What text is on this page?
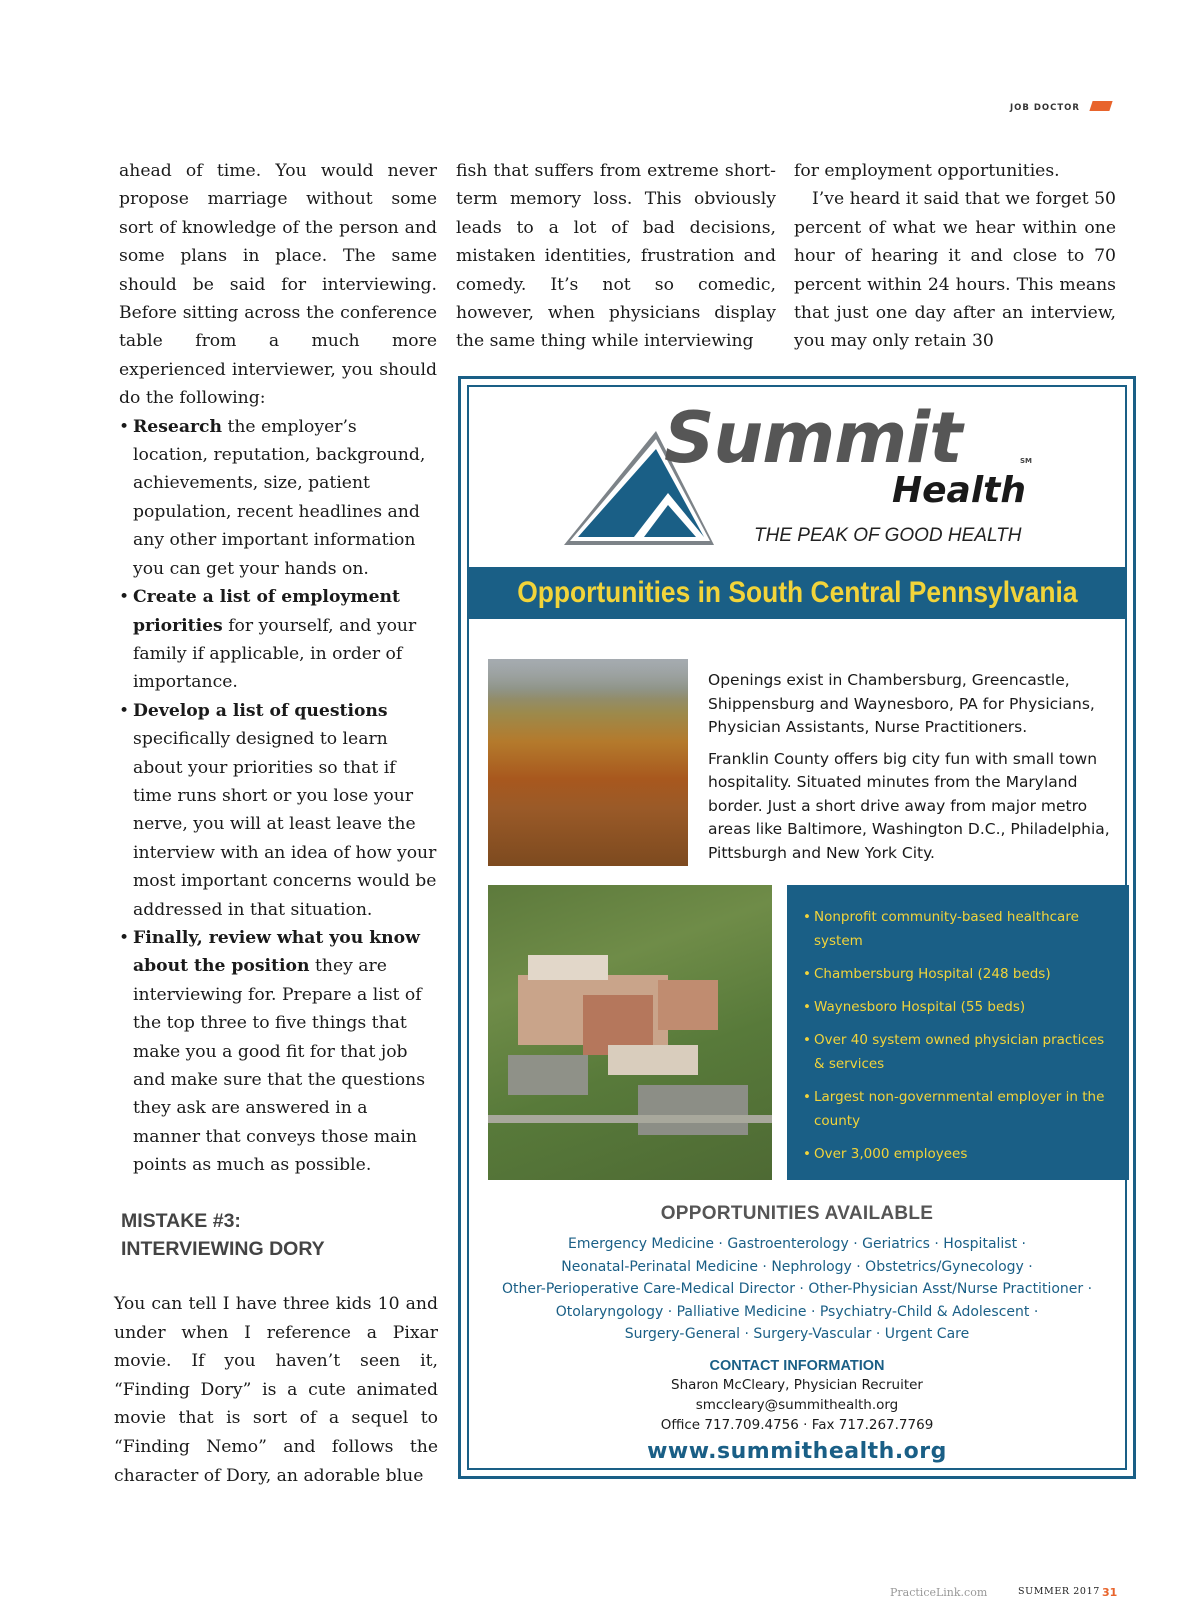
JOB DOCTOR

ahead of time. You would never propose marriage without some sort of knowledge of the person and some plans in place. The same should be said for interviewing. Before sitting across the conference table from a much more experienced interviewer, you should do the following:

• Research the employer’s location, reputation, background, achievements, size, patient population, recent headlines and any other important information you can get your hands on.
• Create a list of employment priorities for yourself, and your family if applicable, in order of importance.
• Develop a list of questions specifically designed to learn about your priorities so that if time runs short or you lose your nerve, you will at least leave the interview with an idea of how your most important concerns would be addressed in that situation.
• Finally, review what you know about the position they are interviewing for. Prepare a list of the top three to five things that make you a good fit for that job and make sure that the questions they ask are answered in a manner that conveys those main points as much as possible.
MISTAKE #3:
INTERVIEWING DORY
You can tell I have three kids 10 and under when I reference a Pixar movie. If you haven’t seen it, “Finding Dory” is a cute animated movie that is sort of a sequel to “Finding Nemo” and follows the character of Dory, an adorable blue

fish that suffers from extreme short-term memory loss. This obviously leads to a lot of bad decisions, mistaken identities, frustration and comedy. It’s not so comedic, however, when physicians display the same thing while interviewing

for employment opportunities.

I’ve heard it said that we forget 50 percent of what we hear within one hour of hearing it and close to 70 percent within 24 hours. This means that just one day after an interview, you may only retain 30

Summit	SM
Health
THE PEAK OF GOOD HEALTH
Opportunities in South Central Pennsylvania

Openings exist in Chambersburg, Greencastle, Shippensburg and Waynesboro, PA for Physicians, Physician Assistants, Nurse Practitioners.

Franklin County offers big city fun with small town hospitality. Situated minutes from the Maryland border. Just a short drive away from major metro areas like Baltimore, Washington D.C., Philadelphia, Pittsburgh and New York City.

• Nonprofit community-based healthcare system
• Chambersburg Hospital (248 beds)
• Waynesboro Hospital (55 beds)
• Over 40 system owned physician practices & services
• Largest non-governmental employer in the county
• Over 3,000 employees
OPPORTUNITIES AVAILABLE
Emergency Medicine · Gastroenterology · Geriatrics · Hospitalist ·
Neonatal-Perinatal Medicine · Nephrology · Obstetrics/Gynecology ·
Other-Perioperative Care-Medical Director · Other-Physician Asst/Nurse Practitioner ·
Otolaryngology · Palliative Medicine · Psychiatry-Child & Adolescent ·
Surgery-General · Surgery-Vascular · Urgent Care
CONTACT INFORMATION
Sharon McCleary, Physician Recruiter
smccleary@summithealth.org
Office 717.709.4756 · Fax 717.267.7769
www.summithealth.org
PracticeLink.com	SUMMER 2017 31
